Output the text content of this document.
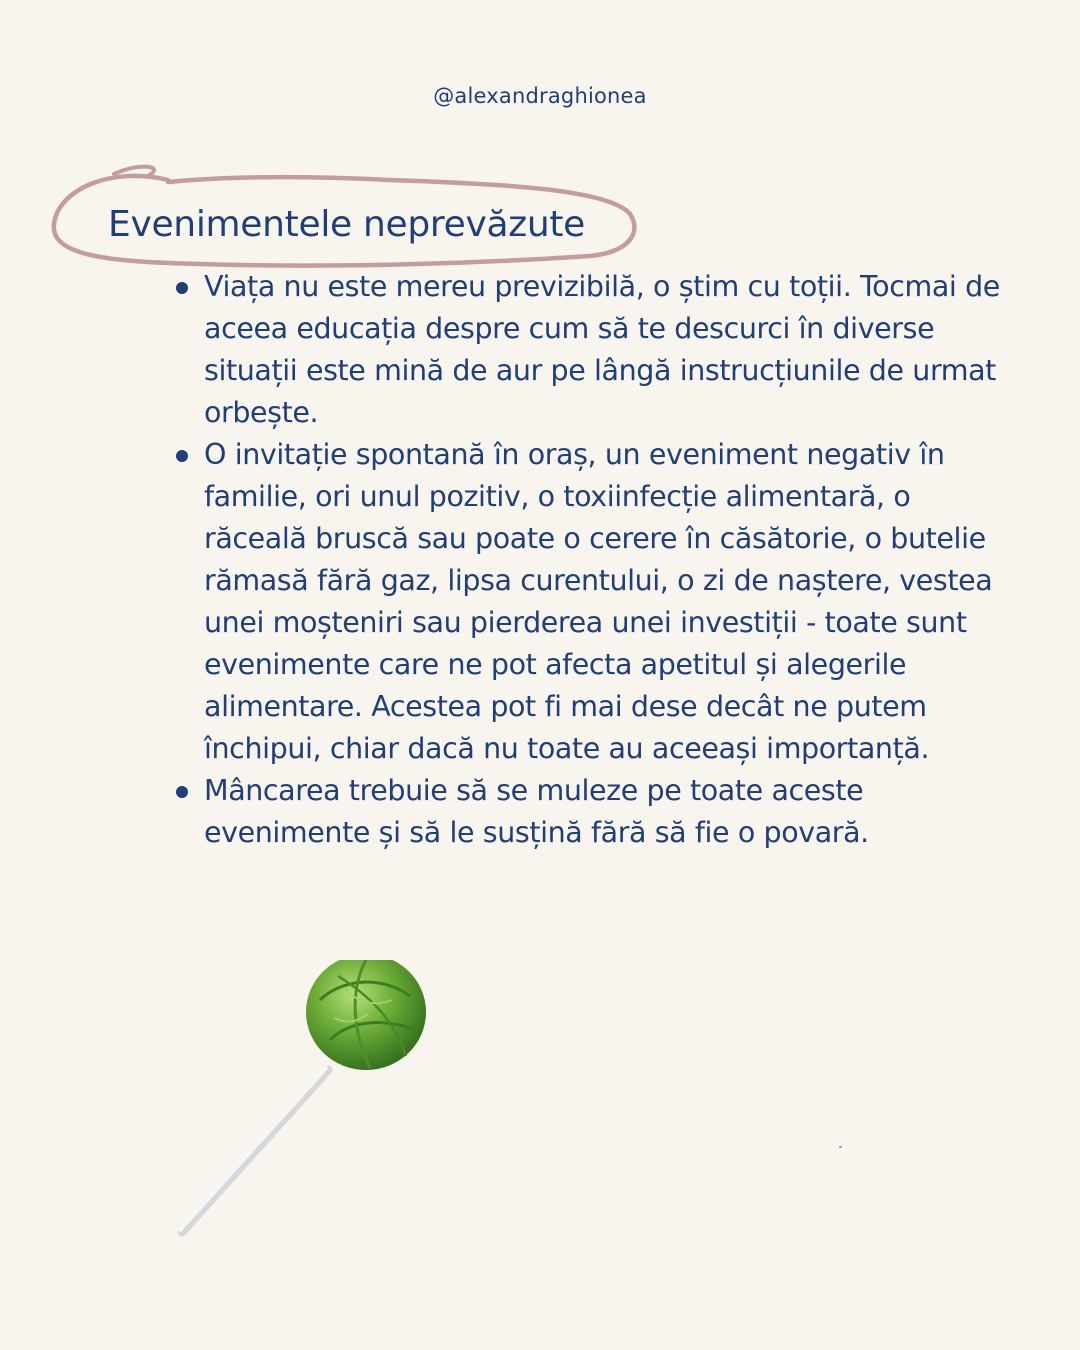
@alexandraghionea
Evenimentele neprevăzute
Viața nu este mereu previzibilă, o știm cu toții. Tocmai de aceea educația despre cum să te descurci în diverse situații este mină de aur pe lângă instrucțiunile de urmat orbește.
O invitație spontană în oraș, un eveniment negativ în familie, ori unul pozitiv, o toxiinfecție alimentară, o răceală bruscă sau poate o cerere în căsătorie, o butelie rămasă fără gaz, lipsa curentului, o zi de naștere, vestea unei moșteniri sau pierderea unei investiții - toate sunt evenimente care ne pot afecta apetitul și alegerile alimentare. Acestea pot fi mai dese decât ne putem închipui, chiar dacă nu toate au aceeași importanță.
Mâncarea trebuie să se muleze pe toate aceste evenimente și să le susțină fără să fie o povară.
